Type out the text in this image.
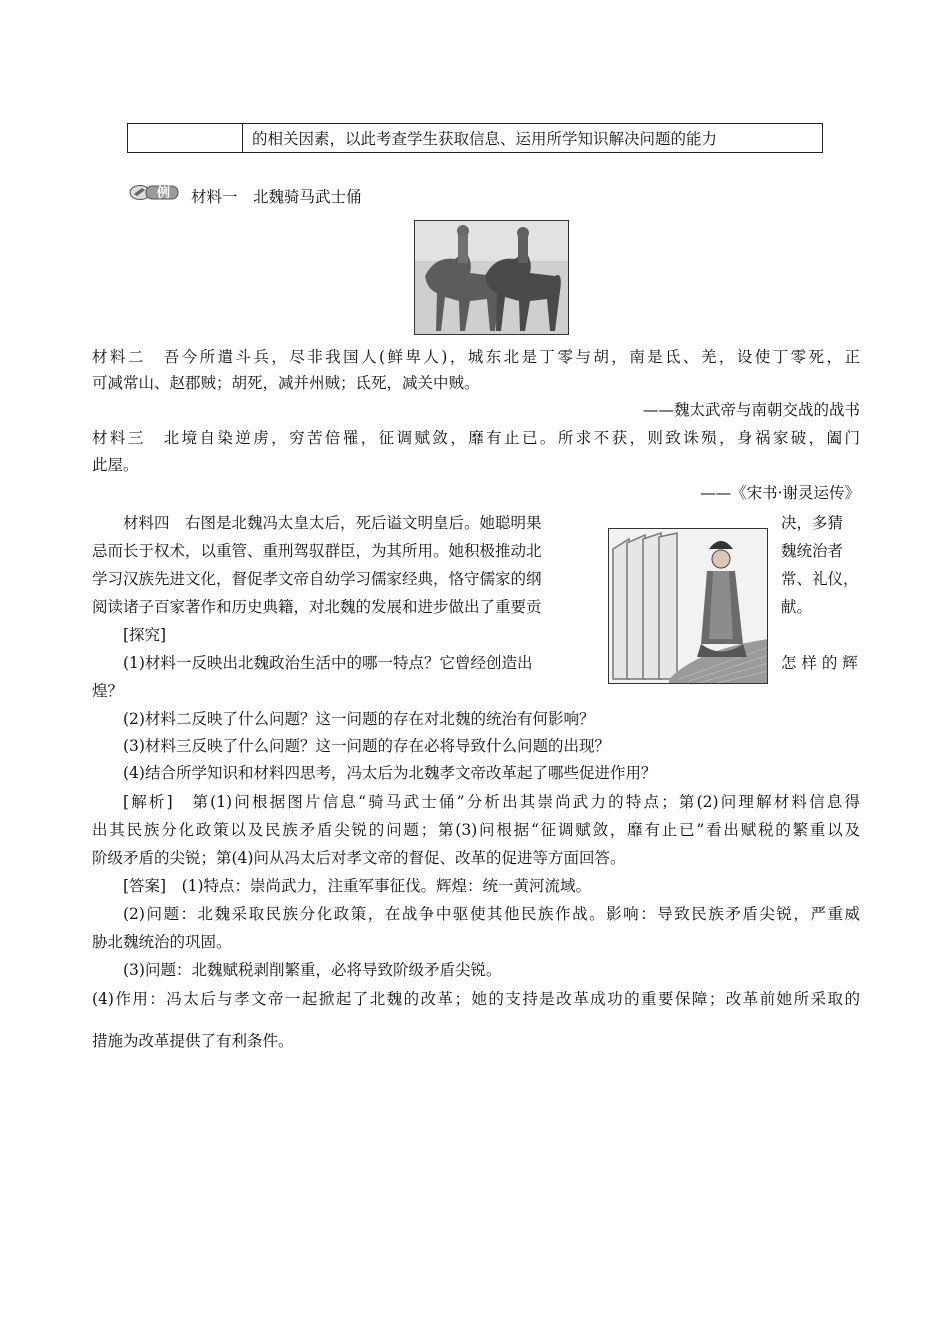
的相关因素，以此考查学生获取信息、运用所学知识解决问题的能力
例 材料一　北魏骑马武士俑
材料二　吾今所遣斗兵，尽非我国人(鲜卑人)，城东北是丁零与胡，南是氐、羌，设使丁零死，正
可减常山、赵郡贼；胡死，减并州贼；氐死，减关中贼。
——魏太武帝与南朝交战的战书
材料三　北境自染逆虏，穷苦倍罹，征调赋敛，靡有止已。所求不获，则致诛殒，身祸家破，阖门
此屋。
——《宋书·谢灵运传》
材料四　右图是北魏冯太皇太后，死后谥文明皇后。她聪明果	决，多猜
忌而长于权术，以重管、重刑驾驭群臣，为其所用。她积极推动北	魏统治者
学习汉族先进文化，督促孝文帝自幼学习儒家经典，恪守儒家的纲	常、礼仪，
阅读诸子百家著作和历史典籍，对北魏的发展和进步做出了重要贡	献。
[探究]
(1)材料一反映出北魏政治生活中的哪一特点？它曾经创造出	怎 样 的 辉
煌？
(2)材料二反映了什么问题？这一问题的存在对北魏的统治有何影响？
(3)材料三反映了什么问题？这一问题的存在必将导致什么问题的出现？
(4)结合所学知识和材料四思考，冯太后为北魏孝文帝改革起了哪些促进作用？
[解析]　第(1)问根据图片信息“骑马武士俑”分析出其崇尚武力的特点；第(2)问理解材料信息得
出其民族分化政策以及民族矛盾尖锐的问题；第(3)问根据“征调赋敛，靡有止已”看出赋税的繁重以及
阶级矛盾的尖锐；第(4)问从冯太后对孝文帝的督促、改革的促进等方面回答。
[答案]　(1)特点：崇尚武力，注重军事征伐。辉煌：统一黄河流域。
(2)问题：北魏采取民族分化政策，在战争中驱使其他民族作战。影响：导致民族矛盾尖锐，严重威
胁北魏统治的巩固。
(3)问题：北魏赋税剥削繁重，必将导致阶级矛盾尖锐。
(4)作用：冯太后与孝文帝一起掀起了北魏的改革；她的支持是改革成功的重要保障；改革前她所采取的
措施为改革提供了有利条件。
